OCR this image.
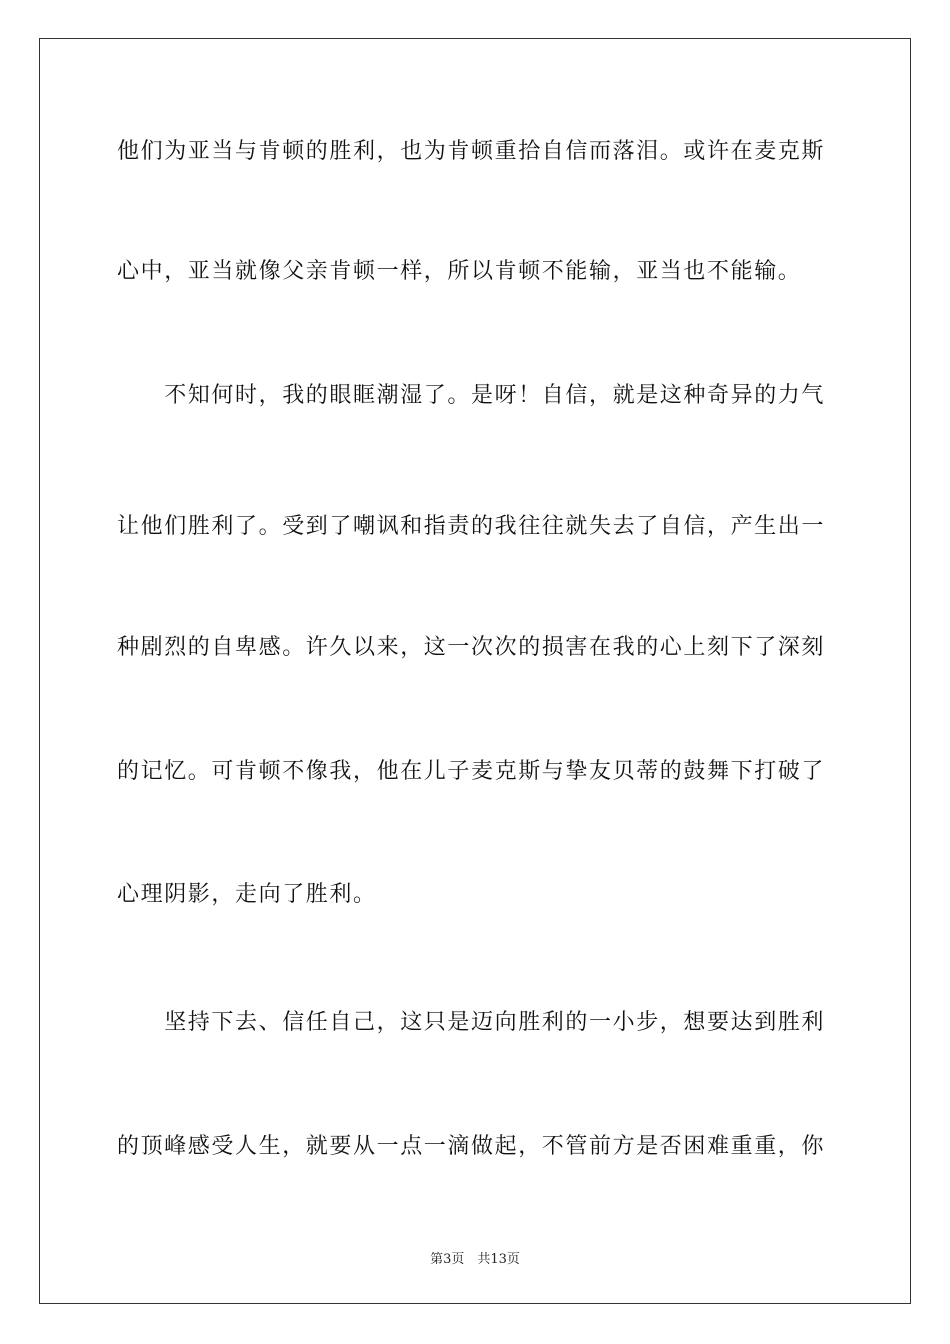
他们为亚当与肯顿的胜利，也为肯顿重拾自信而落泪。或许在麦克斯
心中，亚当就像父亲肯顿一样，所以肯顿不能输，亚当也不能输。
　　不知何时，我的眼眶潮湿了。是呀！自信，就是这种奇异的力气
让他们胜利了。受到了嘲讽和指责的我往往就失去了自信，产生出一
种剧烈的自卑感。许久以来，这一次次的损害在我的心上刻下了深刻
的记忆。可肯顿不像我，他在儿子麦克斯与挚友贝蒂的鼓舞下打破了
心理阴影，走向了胜利。
　　坚持下去、信任自己，这只是迈向胜利的一小步，想要达到胜利
的顶峰感受人生，就要从一点一滴做起，不管前方是否困难重重，你
第3页　共13页
